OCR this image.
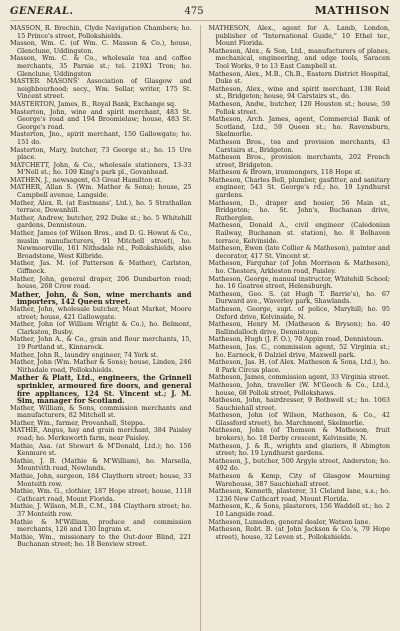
GENERAL.	475	MATHISON

MASSON, R. Brechin, Clyde Navigation Chambers; ho. 15 Prince's street, Pollokshields.

Masson, Wm. C. (of Wm. C. Masson & Co.), house, Glenclune, Uddingston.

Masson, Wm. C. & Co., wholesale tea and coffee merchants, 35 Parnie st.; tel. 219X1 Tron; ho. Glenclune, Uddingston

MASTER MASONS' Association of Glasgow and neighbourhood; secy., Wm. Sellar, writer, 175 St. Vincent street.

MASTERTON, James, B., Royal Bank, Exchange sq.

Masterton, John, wine and spirit merchant, 483 St. George's road and 194 Broomielaw; house, 483 St. George's road.

Masterton, Jno., spirit merchant, 150 Gallowgate; ho. 151 do.

Masterton, Mary, butcher, 73 George st.; ho. 15 Ure place.

MATCHETT, John, & Co., wholesale stationers, 13-33 M'Nell st.; ho. 109 King's park pl., Govanhead.

MATHEN, J., newsagent, 63 Great Hamilton st.

MATHER, Allan S. (Wm. Mather & Sons); house, 25 Campbell avenue, Langside.

Mather, Alex. R. (at Eastmans', Ltd.), ho. 5 Strathallan terrace, Dowanhill.

Mather, Andrew, butcher, 292 Duke st.; ho. 5 Whitehill gardens, Dennistoun.

Mather, James (of Wilson Bros., and D. G. Howat & Co., muslin manufacturers, 91 Mitchell street), ho. Newmoorville, 161 Nithsdale rd., Pollokshields, also Broadstone, West Kilbride.

Mather, Jas. M. (of Patterson & Mather), Carlston, Giffnock.

Mather, John, general draper, 206 Dumbarton road; house, 268 Crow road.

Mather, John, & Son, wine merchants and importers, 142 Queen street.

Mather, John, wholesale butcher, Meat Market, Moore street; house, 421 Gallowgate.

Mather, John (of William Wright & Co.), ho. Belmont, Clarkston, Busby.

Mather, John A., & Co., grain and flour merchants, 15, 19 Portland st., Kinnarock.

Mather, John R., laundry engineer, 74 York st.

Mather, John (Wm. Mather & Sons); house, Linden, 246 Nithsdale road, Pollokshields.

Mather & Platt, Ltd., engineers, the Grinnell sprinkler, armoured fire doors, and general fire appliances, 124 St. Vincent st.; J. M. Sim, manager for Scotland.

Mather, William, & Sons, commission merchants and manufacturers, 82 Mitchell st.

Mather, Wm., farmer, Provanhall, Steppa.

MATHIE, Angus, hay and grain merchant, 384 Paisley road; ho. Merksworth farm, near Paisley.

Mathie, Asa. (at Stewart & M'Donald, Ltd.); ho. 156 Kenmure st.

Mathie, J. B. (Mathie & M'William), ho. Marsella, Mountvith road, Newlands.

Mathie, John, surgeon, 184 Claythorn street; house, 33 Monteith row.

Mathie, Wm. G., clothier, 187 Hope street; house, 1118 Cathcart road, Mount Florida.

Mathie, J. Wilson, M.B., C.M., 184 Claythorn street; ho. 37 Monteith row.

Mathie & M'William, produce and commission merchants, 126 and 130 Ingram st.

Mathie, Wm., missionary to the Out-door Blind, 221 Buchanan street; ho. 18 Benview street.

MATHESON, Alex., agent for A. Lamb, London, publisher of "International Guide," 10 Ethel ter., Mount Florida.

Matheson, Alex., & Son, Ltd., manufacturers of planes, mechanical, engineering, and edge tools, Saracen Tool Works, 9 to 13 East Campbell st.

Matheson, Alex., M.B., Ch.B., Eastern District Hospital, Duke st.

Matheson, Alex., wine and spirit merchant, 138 Reid st., Bridgeton; house, 94 Carstairs st., do.

Matheson, Andw., butcher, 120 Houston st.; house, 59 Pollok street.

Matheson, Arch. James, agent, Commercial Bank of Scotland, Ltd., 59 Queen st.; ho. Ravensburn, Skelmorlie.

Matheson Bros., tea and provision merchants, 43 Carstairs st., Bridgeton.

Matheson Bros., provision merchants, 202 French street, Bridgeton.

Matheson & Brown, ironmongers, 118 Hope st.

Matheson, Charles Bell, plumber, gasfitter, and sanitary engineer, 543 St. George's rd.; ho. 19 Lyndhurst gardens.

Matheson, D., draper and hosier, 56 Main st., Bridgeton; ho. St. John's, Buchanan drive, Rutherglen.

Matheson, Donald A., civil engineer (Caledonian Railway, Buchanan st. station), ho. 8 Belhaven terrace, Kelvinside.

Matheson, Ewen (late Collier & Matheson), painter and decorator, 417 St. Vincent st.

Matheson, Farquhar (of John Morrison & Matheson), ho. Chesters, Arkleston road, Paisley.

Matheson, George, manual instructor, Whitehill School; ho. 16 Goatree street, Helensburgh.

Matheson, Geo. S. (at Hugh T. Barrie's), ho. 67 Durward ave., Waverley park, Shawlands.

Matheson, George, supt. of police, Maryhill; ho. 95 Oxford drive, Kelvinside, N.

Matheson, Henry M. (Matheson & Bryson); ho. 40 Ballindalloch drive, Dennistoun.

Matheson, Hugh (J. F. O.), 70 Appin road, Dennistoun.

Matheson, Jas. C., commission agent, 52 Virginia st.; ho. Earnock, 6 Dalziel drive, Maxwell park.

Matheson, Jas. H. (of Alex. Matheson & Sons, Ltd.), ho. 8 Park Circus place.

Matheson, James, commission agent, 33 Virginia street.

Matheson, John, traveller (W. M'Geoch & Co., Ltd.), house, 68 Pollok street, Pollokshaws.

Matheson, John, hairdresser, 9 Bothwell st.; ho. 1063 Sauchiehall street.

Matheson, John (of Wilson, Matheson, & Co., 42 Glassford street), ho. Marchmont, Skelmorlie.

Matheson, John (of Thomson & Matheson, fruit brokers), ho. 18 Derby crescent, Kelvinside, N.

Matheson, J. & R., wrights and glaziers, 8 Abington street; ho. 19 Lyndhurst gardens.

Matheson, J., butcher, 500 Argyle street, Anderston; ho. 492 do.

Matheson & Kemp, City of Glasgow Mourning Warehouse, 387 Sauchiehall street.

Matheson, Kenneth, plasterer, 31 Cleland lane, s.s.; ho. 1236 New Cathcart road, Mount Florida.

Matheson, K., & Sons, plasterers, 156 Waddell st.; ho. 2 10 Langside road.

Matheson, Lumsden, general dealer, Watson lane.

Matheson, Robt. B. (at John Jackson & Co.'s, 79 Hope street), house, 32 Leven st., Pollokshields.
